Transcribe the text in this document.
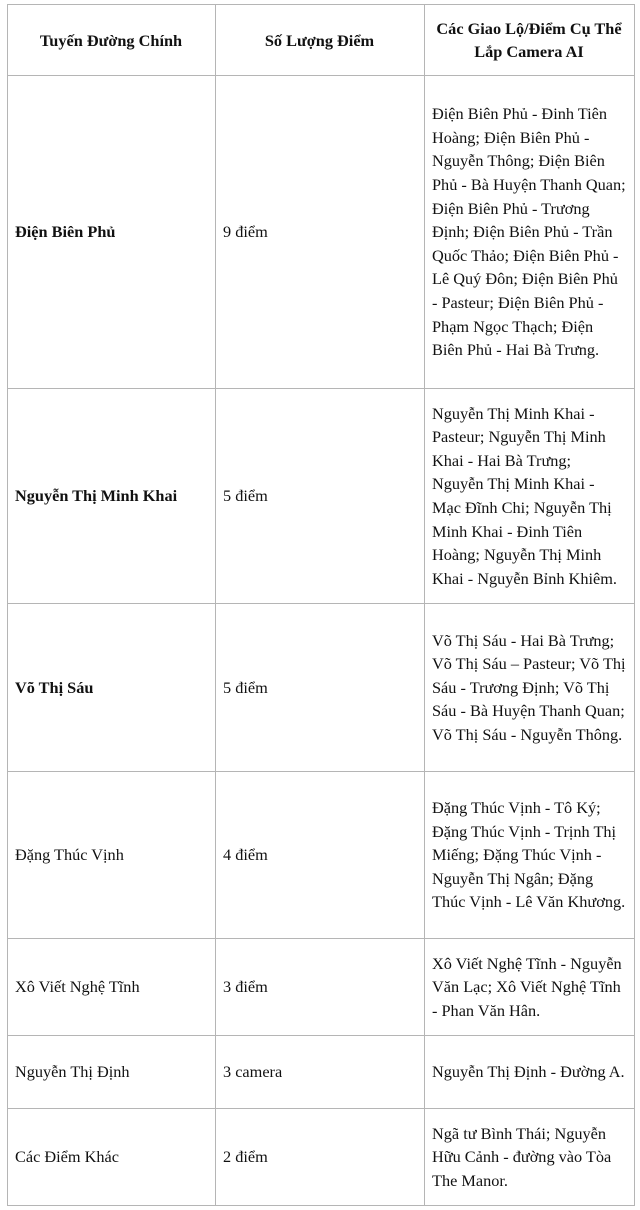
Tuyến Đường Chính	Số Lượng Điểm	Các Giao Lộ/Điểm Cụ Thể Lắp Camera AI
Điện Biên Phủ	9 điểm	Điện Biên Phủ - Đinh Tiên Hoàng; Điện Biên Phủ - Nguyễn Thông; Điện Biên Phủ - Bà Huyện Thanh Quan; Điện Biên Phủ - Trương Định; Điện Biên Phủ - Trần Quốc Thảo; Điện Biên Phủ - Lê Quý Đôn; Điện Biên Phủ - Pasteur; Điện Biên Phủ - Phạm Ngọc Thạch; Điện Biên Phủ - Hai Bà Trưng.
Nguyễn Thị Minh Khai	5 điểm	Nguyễn Thị Minh Khai - Pasteur; Nguyễn Thị Minh Khai - Hai Bà Trưng; Nguyễn Thị Minh Khai - Mạc Đĩnh Chi; Nguyễn Thị Minh Khai - Đinh Tiên Hoàng; Nguyễn Thị Minh Khai - Nguyễn Bỉnh Khiêm.
Võ Thị Sáu	5 điểm	Võ Thị Sáu - Hai Bà Trưng; Võ Thị Sáu – Pasteur; Võ Thị Sáu - Trương Định; Võ Thị Sáu - Bà Huyện Thanh Quan; Võ Thị Sáu - Nguyễn Thông.
Đặng Thúc Vịnh	4 điểm	Đặng Thúc Vịnh - Tô Ký; Đặng Thúc Vịnh - Trịnh Thị Miếng; Đặng Thúc Vịnh - Nguyễn Thị Ngân; Đặng Thúc Vịnh - Lê Văn Khương.
Xô Viết Nghệ Tĩnh	3 điểm	Xô Viết Nghệ Tĩnh - Nguyễn Văn Lạc; Xô Viết Nghệ Tĩnh - Phan Văn Hân.
Nguyễn Thị Định	3 camera	Nguyễn Thị Định - Đường A.
Các Điểm Khác	2 điểm	Ngã tư Bình Thái; Nguyễn Hữu Cảnh - đường vào Tòa The Manor.
